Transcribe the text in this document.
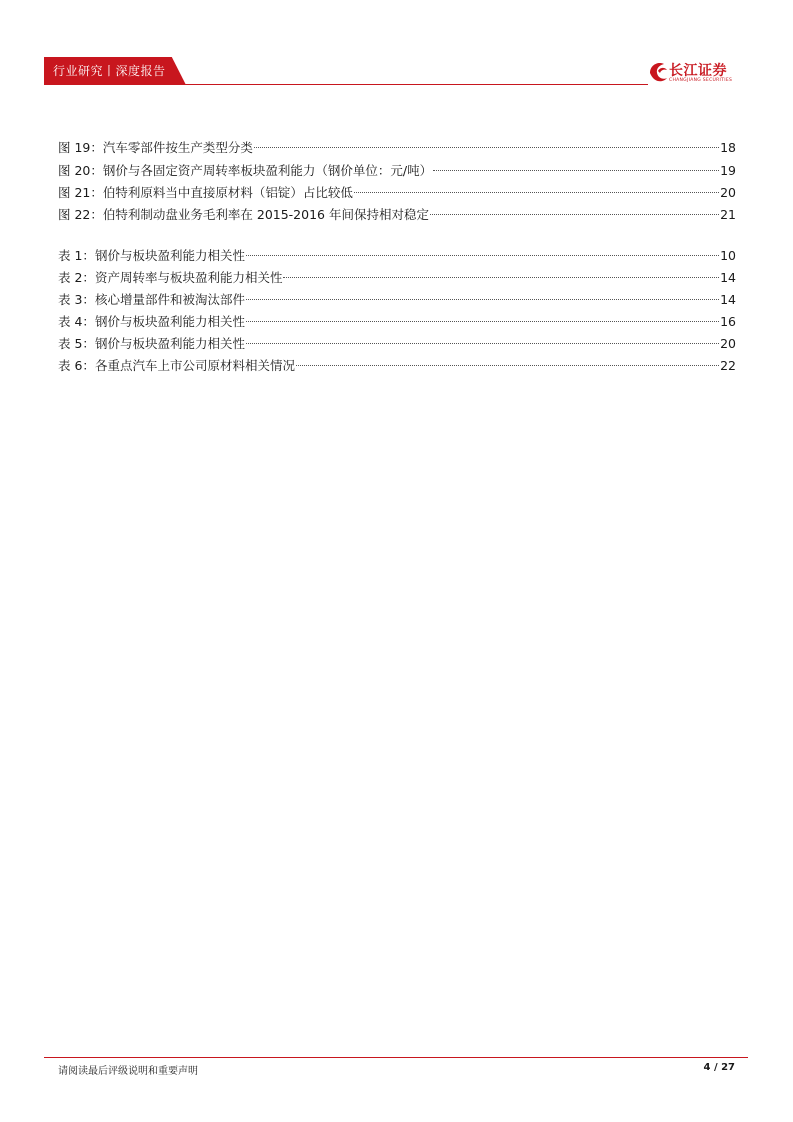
行业研究丨深度报告	长江证券
CHANGJIANG SECURITIES
图 19： 汽车零部件按生产类型分类	18
图 20： 钢价与各固定资产周转率板块盈利能力（钢价单位：元/吨）	19
图 21： 伯特利原料当中直接原材料（铝锭）占比较低	20
图 22： 伯特利制动盘业务毛利率在 2015-2016 年间保持相对稳定	21
表 1： 钢价与板块盈利能力相关性	10
表 2： 资产周转率与板块盈利能力相关性	14
表 3： 核心增量部件和被淘汰部件	14
表 4： 钢价与板块盈利能力相关性	16
表 5： 钢价与板块盈利能力相关性	20
表 6： 各重点汽车上市公司原材料相关情况	22
请阅读最后评级说明和重要声明	4 / 27
